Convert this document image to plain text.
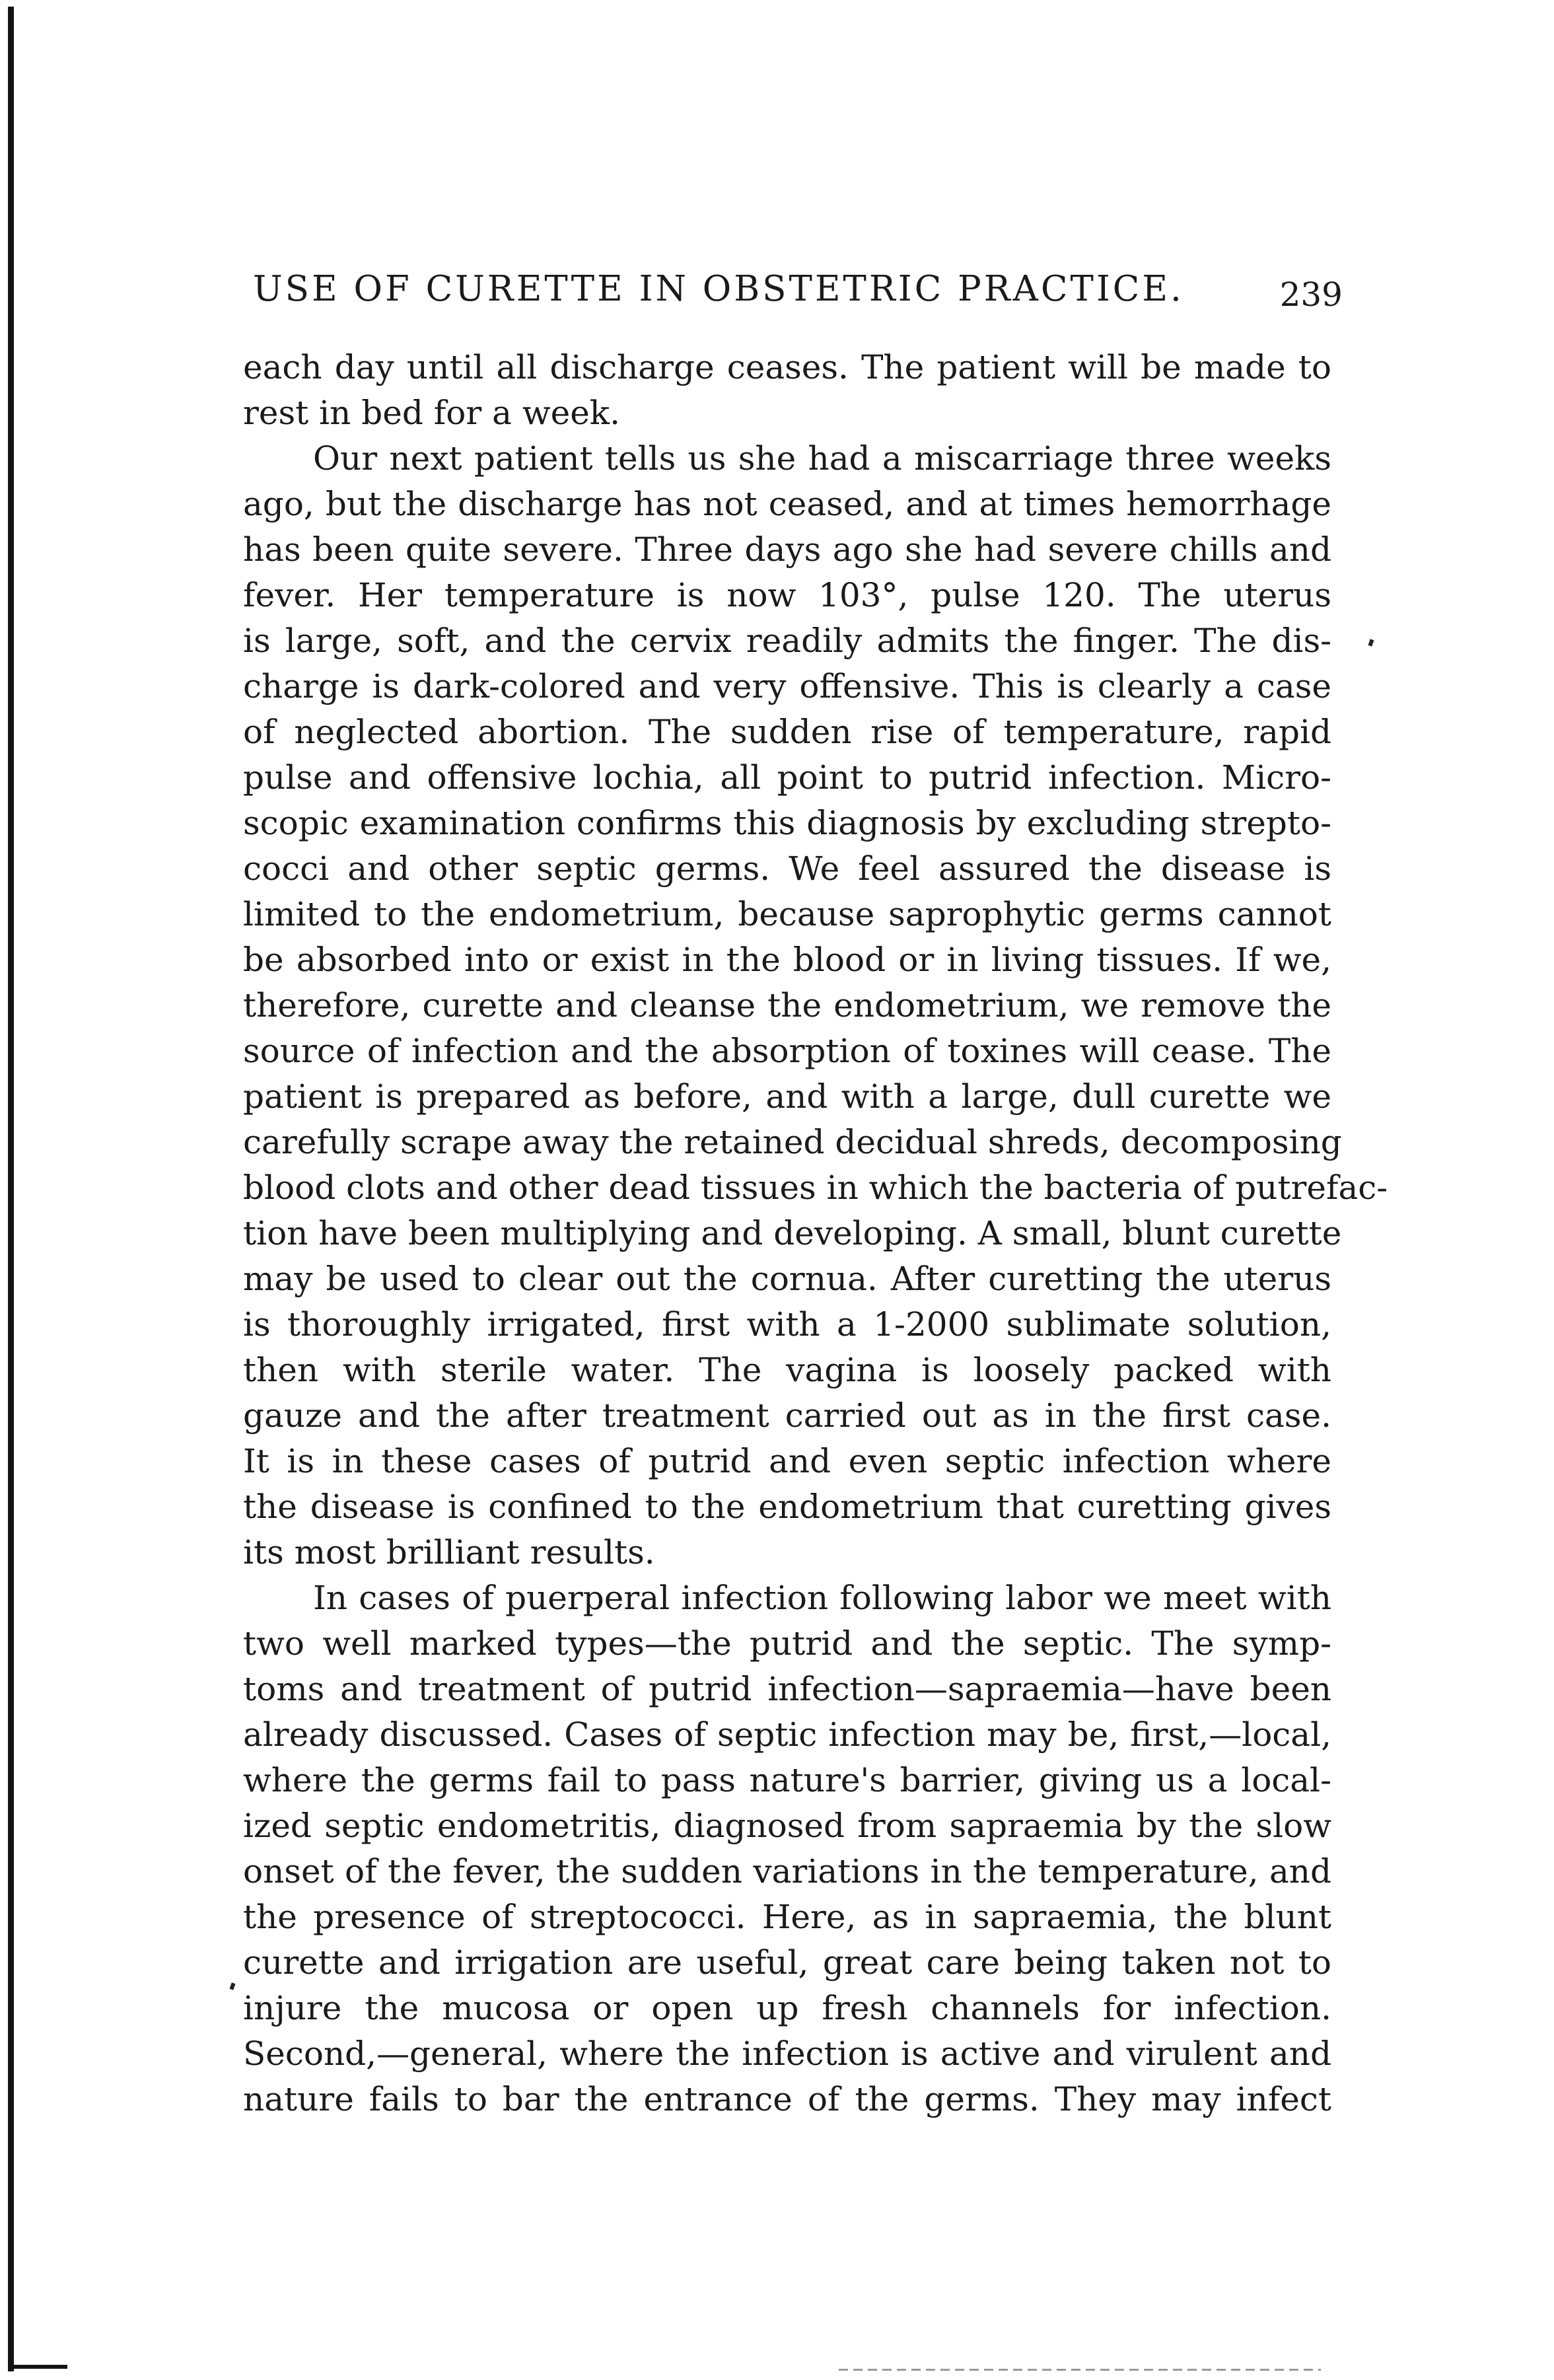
USE OF CURETTE IN OBSTETRIC PRACTICE.	239
each day until all discharge ceases. The patient will be made to
rest in bed for a week.
Our next patient tells us she had a miscarriage three weeks
ago, but the discharge has not ceased, and at times hemorrhage
has been quite severe. Three days ago she had severe chills and
fever. Her temperature is now 103°, pulse 120. The uterus
is large, soft, and the cervix readily admits the finger. The dis-
charge is dark-colored and very offensive. This is clearly a case
of neglected abortion. The sudden rise of temperature, rapid
pulse and offensive lochia, all point to putrid infection. Micro-
scopic examination confirms this diagnosis by excluding strepto-
cocci and other septic germs. We feel assured the disease is
limited to the endometrium, because saprophytic germs cannot
be absorbed into or exist in the blood or in living tissues. If we,
therefore, curette and cleanse the endometrium, we remove the
source of infection and the absorption of toxines will cease. The
patient is prepared as before, and with a large, dull curette we
carefully scrape away the retained decidual shreds, decomposing
blood clots and other dead tissues in which the bacteria of putrefac-
tion have been multiplying and developing. A small, blunt curette
may be used to clear out the cornua. After curetting the uterus
is thoroughly irrigated, first with a 1-2000 sublimate solution,
then with sterile water. The vagina is loosely packed with
gauze and the after treatment carried out as in the first case.
It is in these cases of putrid and even septic infection where
the disease is confined to the endometrium that curetting gives
its most brilliant results.
In cases of puerperal infection following labor we meet with
two well marked types—the putrid and the septic. The symp-
toms and treatment of putrid infection—sapraemia—have been
already discussed. Cases of septic infection may be, first,—local,
where the germs fail to pass nature's barrier, giving us a local-
ized septic endometritis, diagnosed from sapraemia by the slow
onset of the fever, the sudden variations in the temperature, and
the presence of streptococci. Here, as in sapraemia, the blunt
curette and irrigation are useful, great care being taken not to
injure the mucosa or open up fresh channels for infection.
Second,—general, where the infection is active and virulent and
nature fails to bar the entrance of the germs. They may infect
